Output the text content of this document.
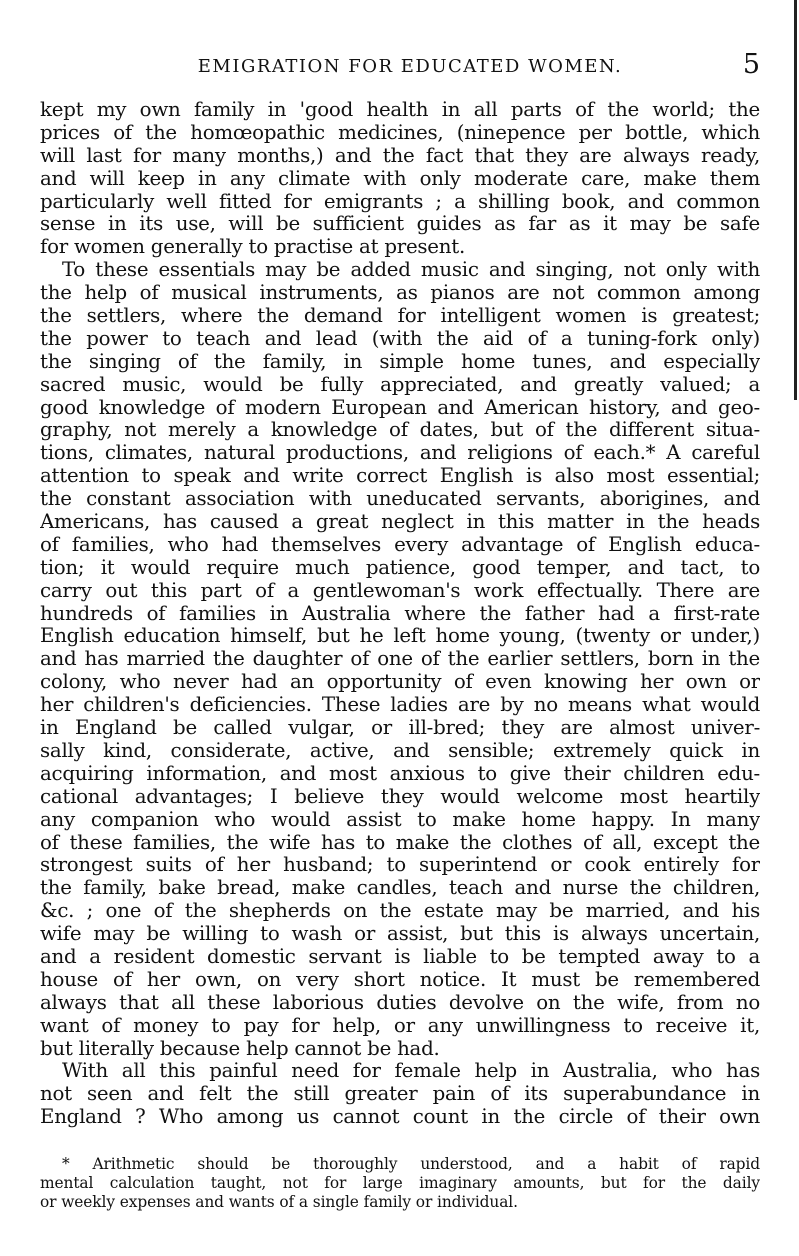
EMIGRATION FOR EDUCATED WOMEN.	5
kept my own family in 'good health in all parts of the world; the
prices of the homœopathic medicines, (ninepence per bottle, which
will last for many months,) and the fact that they are always ready,
and will keep in any climate with only moderate care, make them
particularly well fitted for emigrants ; a shilling book, and common
sense in its use, will be sufficient guides as far as it may be safe
for women generally to practise at present.
To these essentials may be added music and singing, not only with
the help of musical instruments, as pianos are not common among
the settlers, where the demand for intelligent women is greatest;
the power to teach and lead (with the aid of a tuning-fork only)
the singing of the family, in simple home tunes, and especially
sacred music, would be fully appreciated, and greatly valued; a
good knowledge of modern European and American history, and geo-
graphy, not merely a knowledge of dates, but of the different situa-
tions, climates, natural productions, and religions of each.* A careful
attention to speak and write correct English is also most essential;
the constant association with uneducated servants, aborigines, and
Americans, has caused a great neglect in this matter in the heads
of families, who had themselves every advantage of English educa-
tion; it would require much patience, good temper, and tact, to
carry out this part of a gentlewoman's work effectually. There are
hundreds of families in Australia where the father had a first-rate
English education himself, but he left home young, (twenty or under,)
and has married the daughter of one of the earlier settlers, born in the
colony, who never had an opportunity of even knowing her own or
her children's deficiencies. These ladies are by no means what would
in England be called vulgar, or ill-bred; they are almost univer-
sally kind, considerate, active, and sensible; extremely quick in
acquiring information, and most anxious to give their children edu-
cational advantages; I believe they would welcome most heartily
any companion who would assist to make home happy. In many
of these families, the wife has to make the clothes of all, except the
strongest suits of her husband; to superintend or cook entirely for
the family, bake bread, make candles, teach and nurse the children,
&c. ; one of the shepherds on the estate may be married, and his
wife may be willing to wash or assist, but this is always uncertain,
and a resident domestic servant is liable to be tempted away to a
house of her own, on very short notice. It must be remembered
always that all these laborious duties devolve on the wife, from no
want of money to pay for help, or any unwillingness to receive it,
but literally because help cannot be had.
With all this painful need for female help in Australia, who has
not seen and felt the still greater pain of its superabundance in
England ? Who among us cannot count in the circle of their own
* Arithmetic should be thoroughly understood, and a habit of rapid
mental calculation taught, not for large imaginary amounts, but for the daily
or weekly expenses and wants of a single family or individual.
